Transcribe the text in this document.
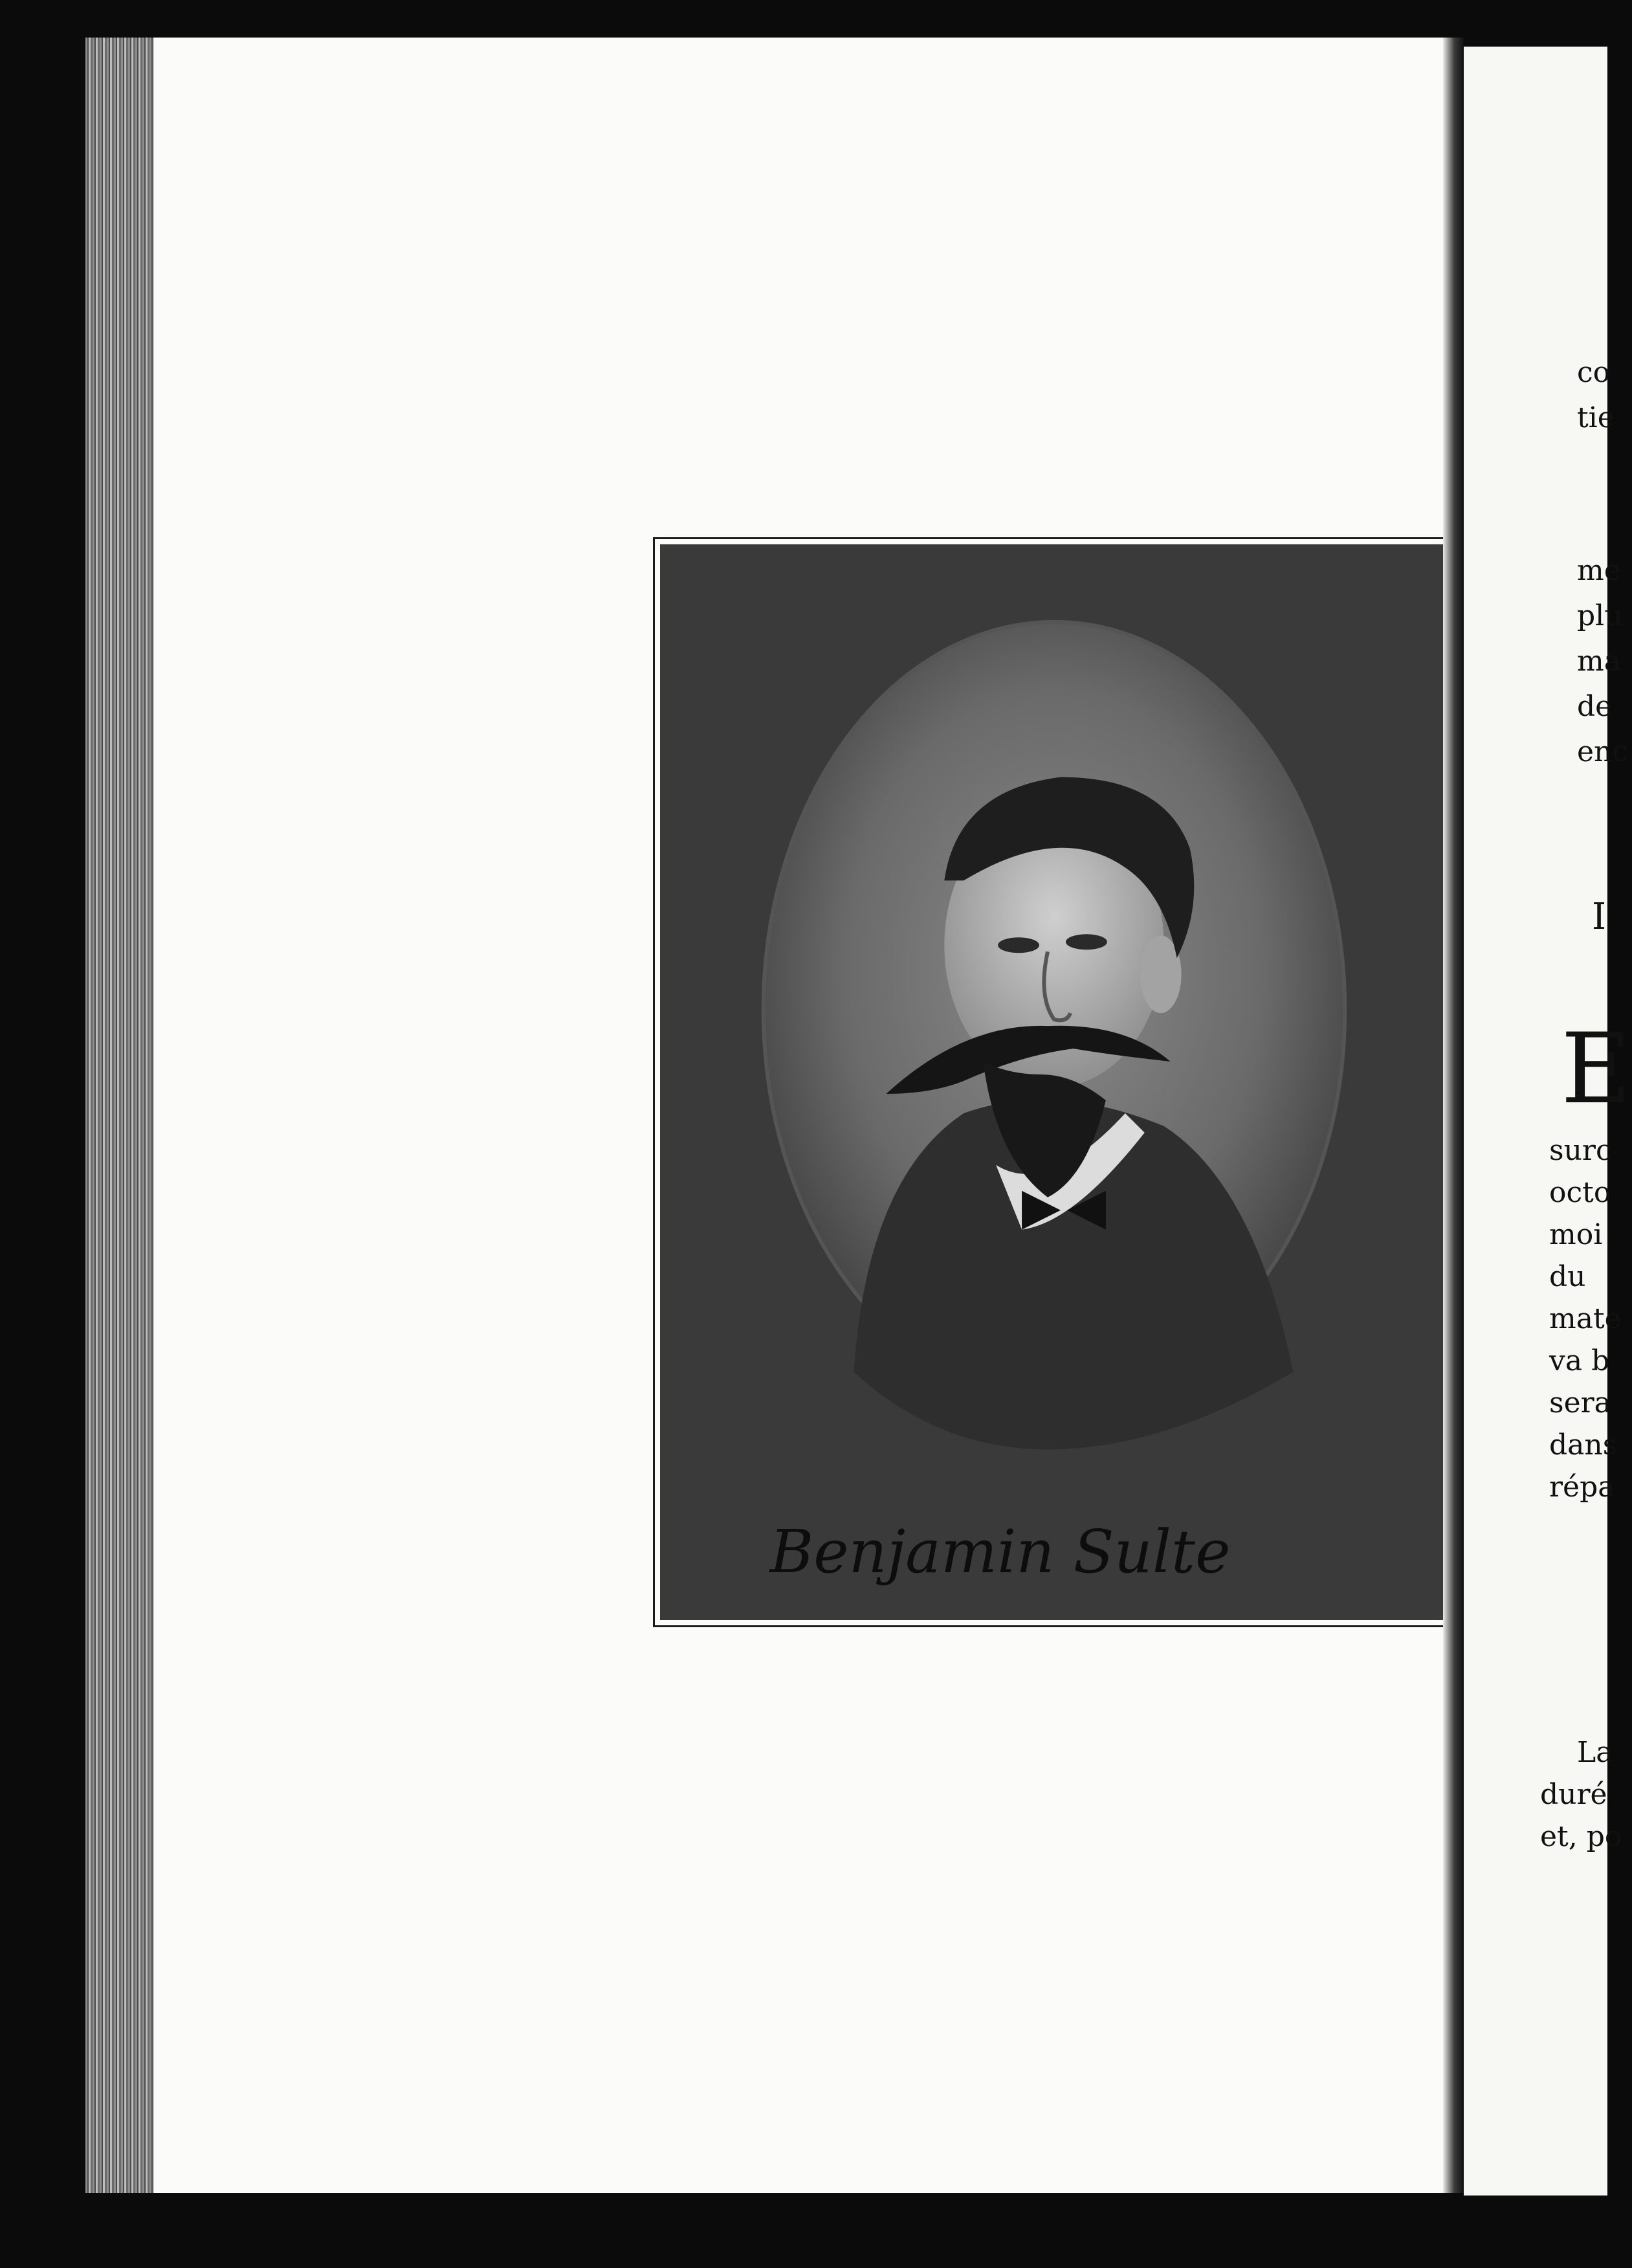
Benjamin Sulte
co
tie
me
plu
ma
de
enc
I
E
surc
octo
moi
du
mate
va b
sera
dans
répa
La
duré
et, po
